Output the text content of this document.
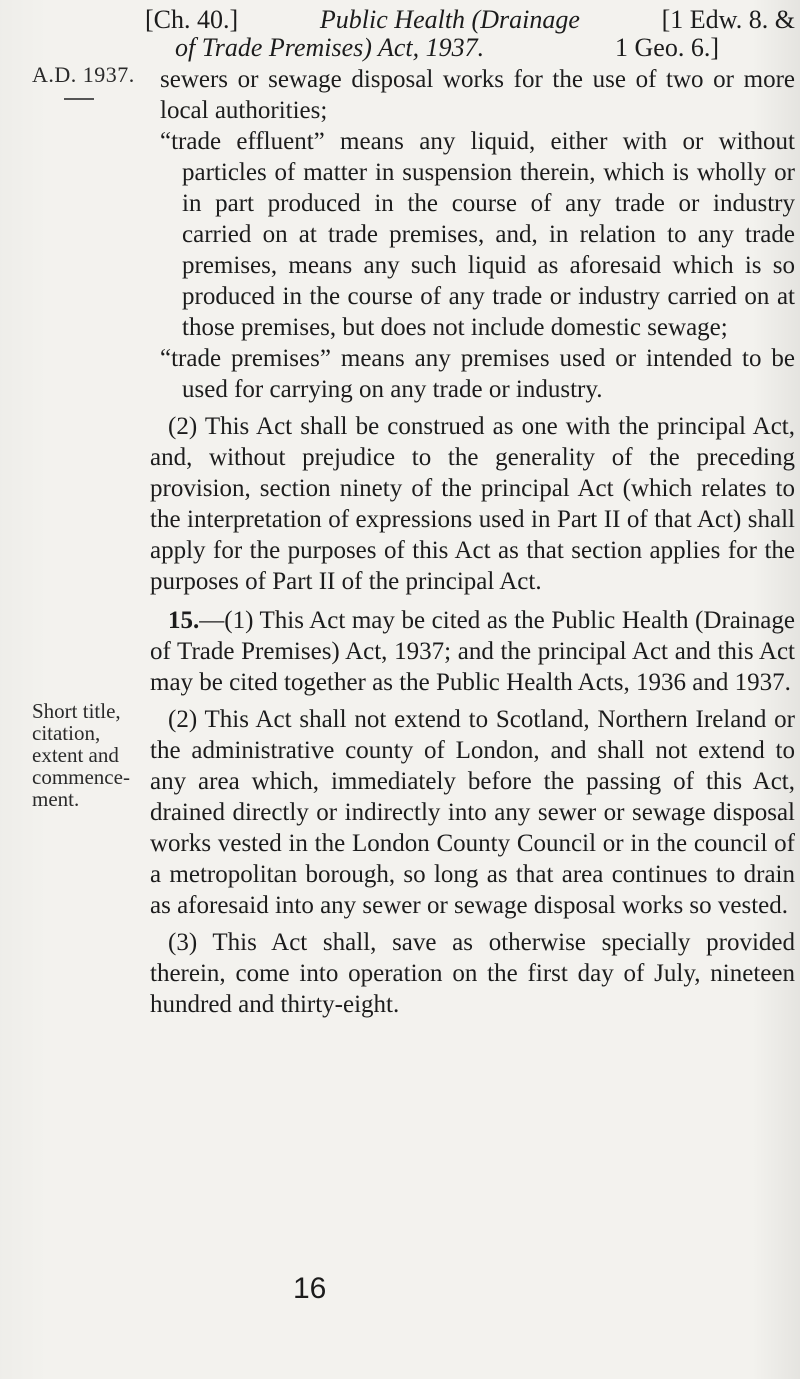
[Ch. 40.]	Public Health (Drainage	[1 Edw. 8. &
of Trade Premises) Act, 1937.	1 Geo. 6.]
A.D. 1937.
Short title,
citation,
extent and
commence-
ment.

sewers or sewage disposal works for the use of two or more local authorities;

“trade effluent” means any liquid, either with or without particles of matter in suspension therein, which is wholly or in part produced in the course of any trade or industry carried on at trade premises, and, in relation to any trade premises, means any such liquid as aforesaid which is so produced in the course of any trade or industry carried on at those premises, but does not include domestic sewage;

“trade premises” means any premises used or intended to be used for carrying on any trade or industry.

(2) This Act shall be construed as one with the principal Act, and, without prejudice to the generality of the preceding provision, section ninety of the principal Act (which relates to the interpretation of expressions used in Part II of that Act) shall apply for the purposes of this Act as that section applies for the purposes of Part II of the principal Act.

15.—(1) This Act may be cited as the Public Health (Drainage of Trade Premises) Act, 1937; and the principal Act and this Act may be cited together as the Public Health Acts, 1936 and 1937.

(2) This Act shall not extend to Scotland, Northern Ireland or the administrative county of London, and shall not extend to any area which, immediately before the passing of this Act, drained directly or indirectly into any sewer or sewage disposal works vested in the London County Council or in the council of a metropolitan borough, so long as that area continues to drain as aforesaid into any sewer or sewage disposal works so vested.

(3) This Act shall, save as otherwise specially provided therein, come into operation on the first day of July, nineteen hundred and thirty-eight.

16
